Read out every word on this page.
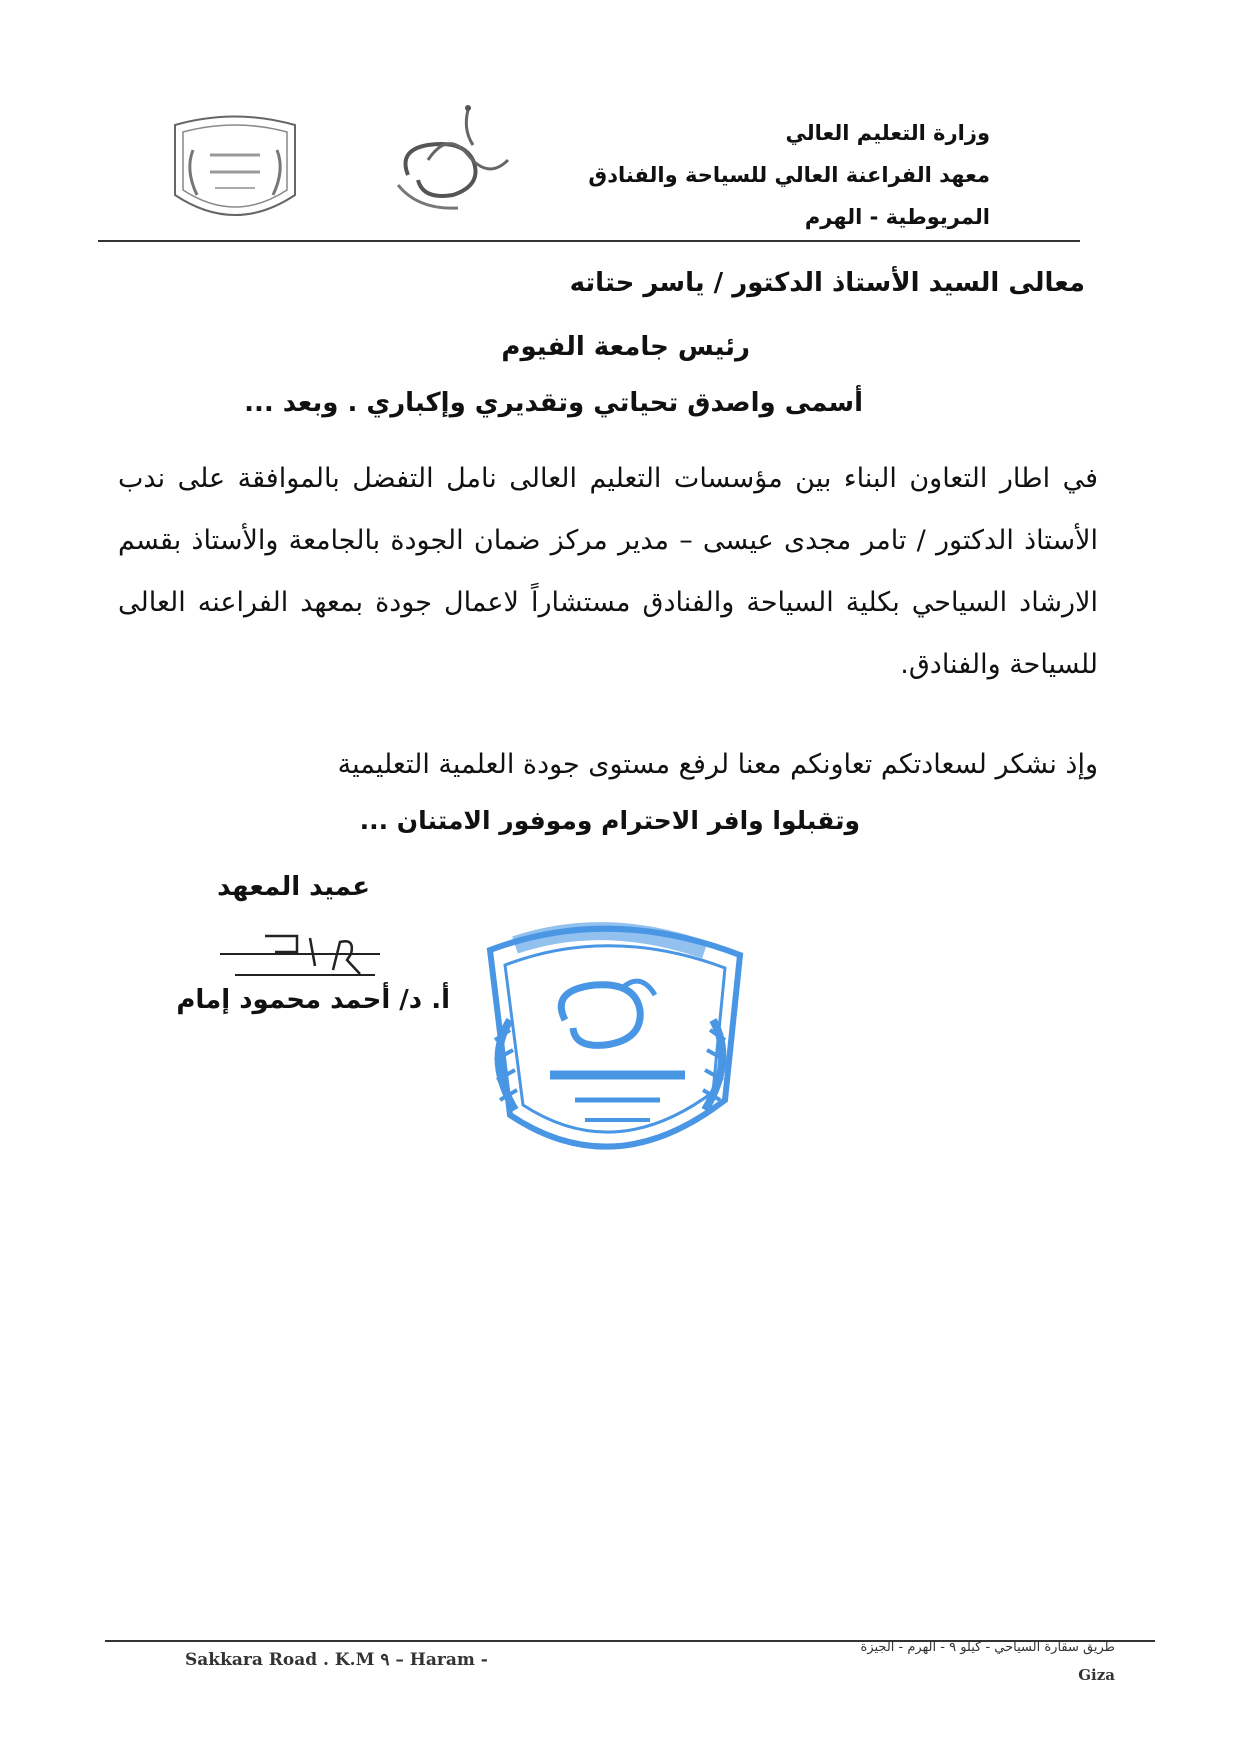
وزارة التعليم العالي
معهد الفراعنة العالي للسياحة والفنادق
المريوطية - الهرم
معالى السيد الأستاذ الدكتور / ياسر حتاته
رئيس جامعة الفيوم
أسمى واصدق تحياتي وتقديري وإكباري . وبعد ...

في اطار التعاون البناء بين مؤسسات التعليم العالى نامل التفضل بالموافقة على ندب الأستاذ الدكتور / تامر مجدى عيسى – مدير مركز ضمان الجودة بالجامعة والأستاذ بقسم الارشاد السياحي بكلية السياحة والفنادق مستشاراً لاعمال جودة بمعهد الفراعنه العالى للسياحة والفنادق.

وإذ نشكر لسعادتكم تعاونكم معنا لرفع مستوى جودة العلمية التعليمية
وتقبلوا وافر الاحترام وموفور الامتنان ...
عميد المعهد
أ. د/ أحمد محمود إمام
Sakkara Road . K.M ٩ – Haram -
طريق سقارة السياحي - كيلو ٩ - الهرم - الجيزة
Giza
